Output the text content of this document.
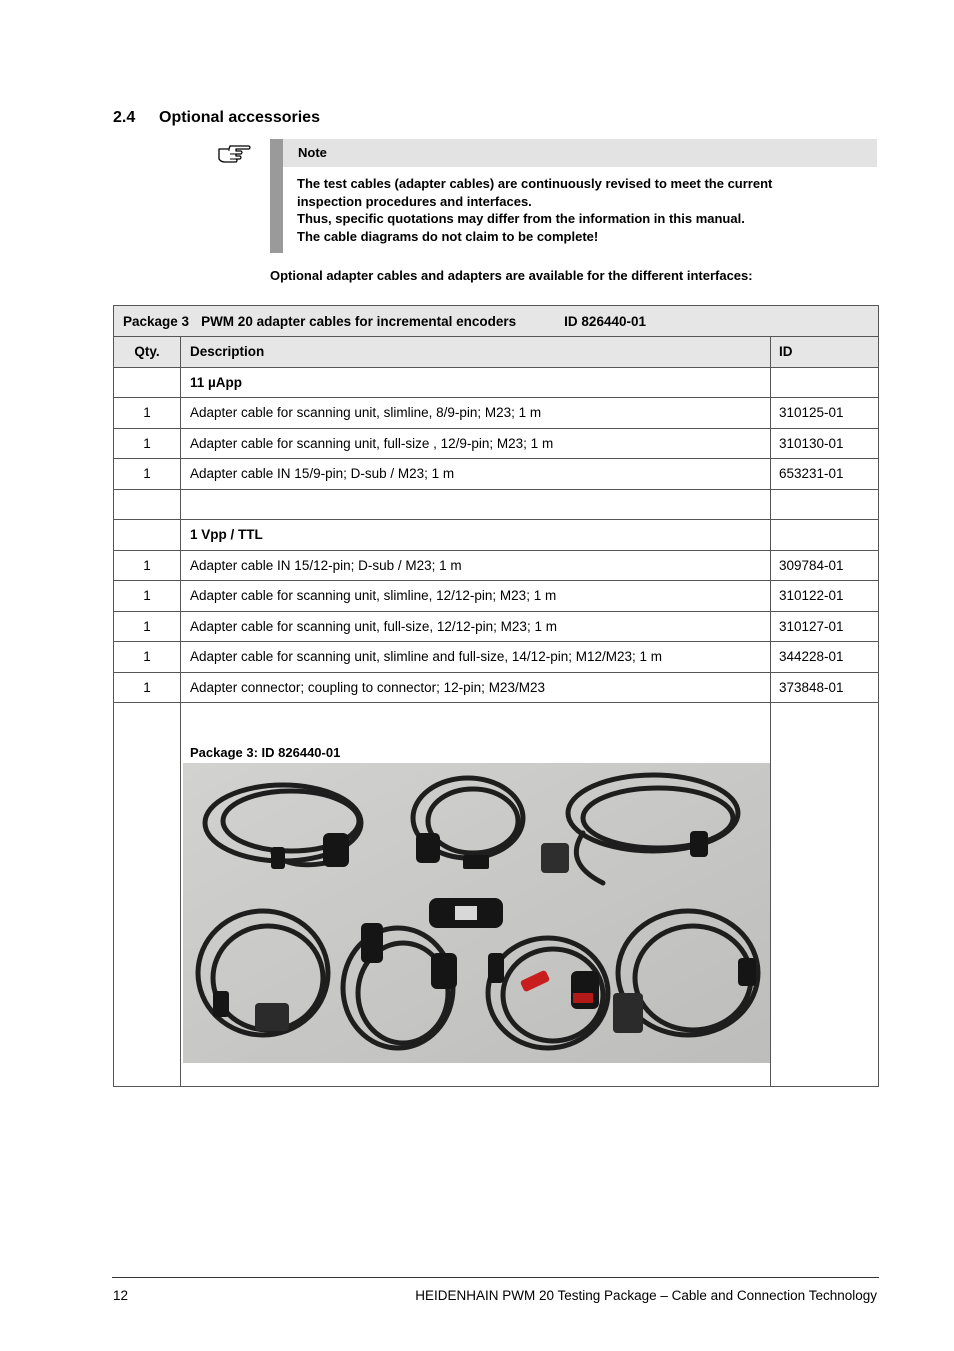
2.4 Optional accessories
Note
The test cables (adapter cables) are continuously revised to meet the current
inspection procedures and interfaces.
Thus, specific quotations may differ from the information in this manual.
The cable diagrams do not claim to be complete!
Optional adapter cables and adapters are available for the different interfaces:
Package 3 PWM 20 adapter cables for incremental encoders ID 826440-01		
Qty.	Description	ID
	11 µApp	
1	Adapter cable for scanning unit, slimline, 8/9-pin; M23; 1 m	310125-01
1	Adapter cable for scanning unit, full-size , 12/9-pin; M23; 1 m	310130-01
1	Adapter cable IN 15/9-pin; D-sub / M23; 1 m	653231-01

	1 Vpp / TTL	
1	Adapter cable IN 15/12-pin; D-sub / M23; 1 m	309784-01
1	Adapter cable for scanning unit, slimline, 12/12-pin; M23; 1 m	310122-01
1	Adapter cable for scanning unit, full-size, 12/12-pin; M23; 1 m	310127-01
1	Adapter cable for scanning unit, slimline and full-size, 14/12-pin; M12/M23; 1 m	344228-01
1	Adapter connector; coupling to connector; 12-pin; M23/M23	373848-01

	Package 3: ID 826440-01	

12	HEIDENHAIN PWM 20 Testing Package – Cable and Connection Technology
